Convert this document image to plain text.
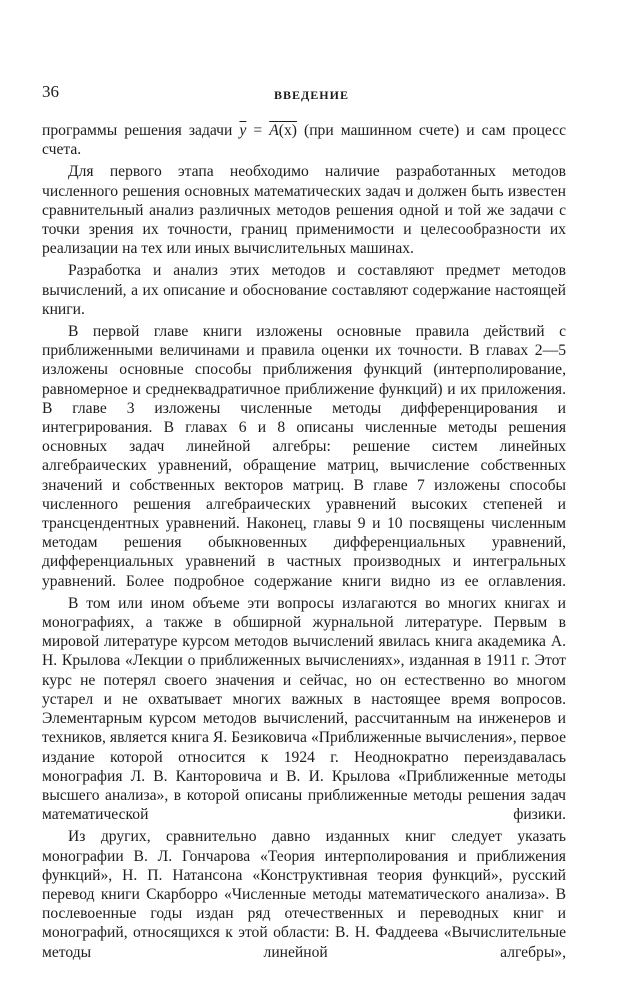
36	ВВЕДЕНИЕ

программы решения задачи $\overline{y} = \overline{A}(x)$ (при машинном счете) и сам процесс счета.

Для первого этапа необходимо наличие разработанных методов численного решения основных математических задач и должен быть известен сравнительный анализ различных методов решения одной и той же задачи с точки зрения их точности, границ применимости и целесообразности их реализации на тех или иных вычислительных машинах.

Разработка и анализ этих методов и составляют предмет методов вычислений, а их описание и обоснование составляют содержание настоящей книги.

В первой главе книги изложены основные правила действий с приближенными величинами и правила оценки их точности. В главах 2—5 изложены основные способы приближения функций (интерполирование, равномерное и среднеквадратичное приближение функций) и их приложения. В главе 3 изложены численные методы дифференцирования и интегрирования. В главах 6 и 8 описаны численные методы решения основных задач линейной алгебры: решение систем линейных алгебраических уравнений, обращение матриц, вычисление собственных значений и собственных векторов матриц. В главе 7 изложены способы численного решения алгебраических уравнений высоких степеней и трансцендентных уравнений. Наконец, главы 9 и 10 посвящены численным методам решения обыкновенных дифференциальных уравнений, дифференциальных уравнений в частных производных и интегральных уравнений. Более подробное содержание книги видно из ее оглавления.

В том или ином объеме эти вопросы излагаются во многих книгах и монографиях, а также в обширной журнальной литературе. Первым в мировой литературе курсом методов вычислений явилась книга академика А. Н. Крылова «Лекции о приближенных вычислениях», изданная в 1911 г. Этот курс не потерял своего значения и сейчас, но он естественно во многом устарел и не охватывает многих важных в настоящее время вопросов. Элементарным курсом методов вычислений, рассчитанным на инженеров и техников, является книга Я. Безиковича «Приближенные вычисления», первое издание которой относится к 1924 г. Неоднократно переиздавалась монография Л. В. Канторовича и В. И. Крылова «Приближенные методы высшего анализа», в которой описаны приближенные методы решения задач математической физики.

Из других, сравнительно давно изданных книг следует указать монографии В. Л. Гончарова «Теория интерполирования и приближения функций», Н. П. Натансона «Конструктивная теория функций», русский перевод книги Скарборро «Численные методы математического анализа». В послевоенные годы издан ряд отечественных и переводных книг и монографий, относящихся к этой области: В. Н. Фаддеева «Вычислительные методы линейной алгебры»,
